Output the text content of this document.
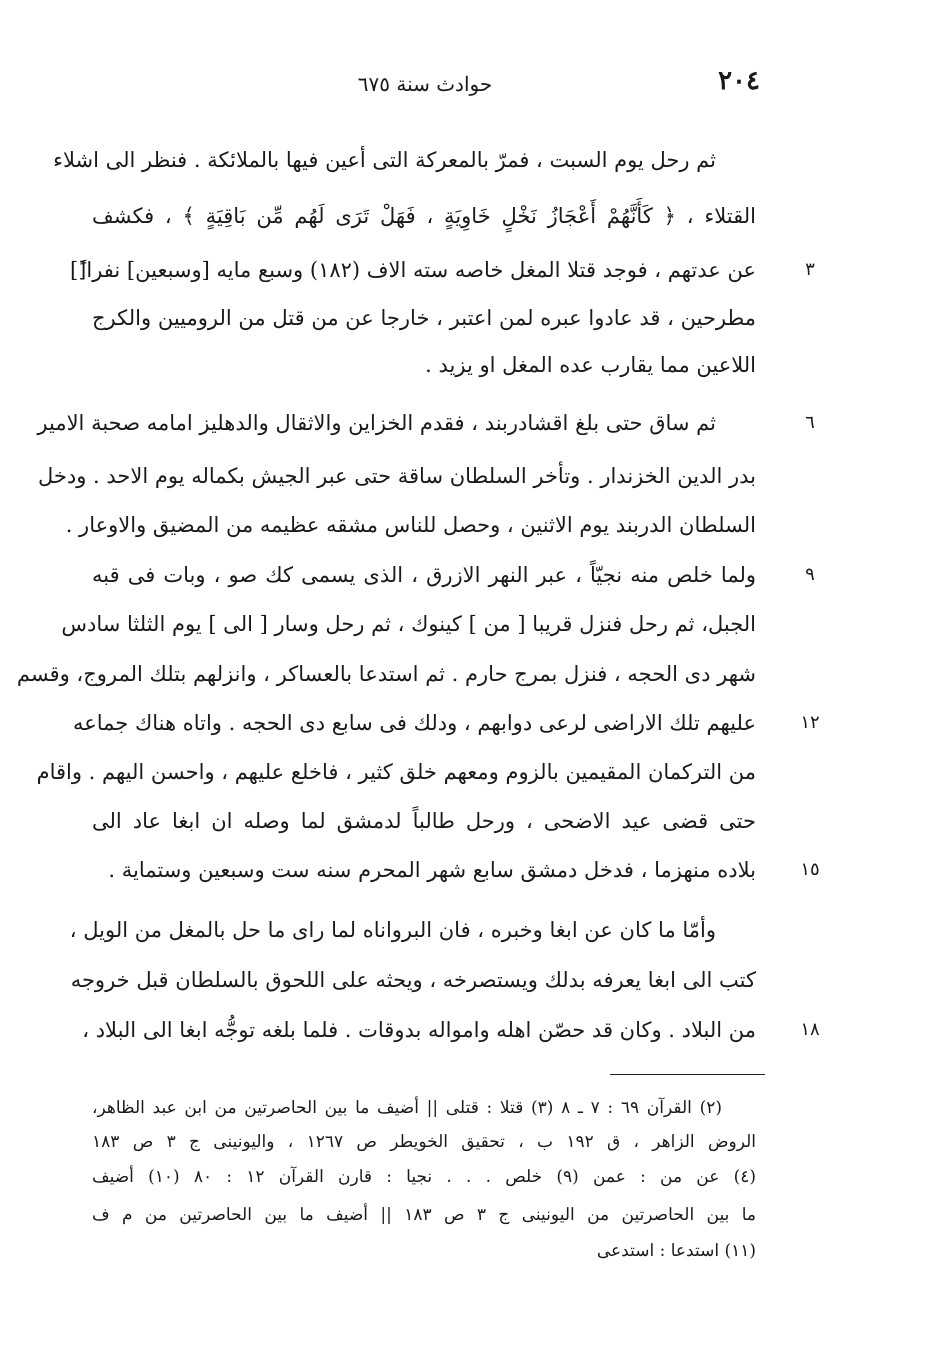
٢٠٤
حوادث سنة ٦٧٥
ثم رحل يوم السبت ، فمرّ بالمعركة التى أعين فيها بالملائكة . فنظر الى اشلاء
القتلاء ، ﴿ كَأَنَّهُمْ أَعْجَازُ نَخْلٍ خَاوِيَةٍ ، فَهَلْ تَرَى لَهُم مِّن بَاقِيَةٍ ﴾ ، فكشف
عن عدتهم ، فوجد قتلا المغل خاصه سته الاف (١٨٢) وسبع مايه [وسبعين] نفرا[ً]
مطرحين ، قد عادوا عبره لمن اعتبر ، خارجا عن من قتل من الروميين والكرج
اللاعين مما يقارب عده المغل او يزيد .
ثم ساق حتى بلغ اقشادربند ، فقدم الخزاين والاثقال والدهليز امامه صحبة الامير
بدر الدين الخزندار . وتأخر السلطان ساقة حتى عبر الجيش بكماله يوم الاحد . ودخل
السلطان الدربند يوم الاثنين ، وحصل للناس مشقه عظيمه من المضيق والاوعار .
ولما خلص منه نجيّاً ، عبر النهر الازرق ، الذى يسمى كك صو ، وبات فى قبه
الجبل، ثم رحل فنزل قريبا [ من ] كينوك ، ثم رحل وسار [ الى ] يوم الثلثا سادس
شهر دى الحجه ، فنزل بمرج حارم . ثم استدعا بالعساكر ، وانزلهم بتلك المروج، وقسم
عليهم تلك الاراضى لرعى دوابهم ، ودلك فى سابع دى الحجه . واتاه هناك جماعه
من التركمان المقيمين بالزوم ومعهم خلق كثير ، فاخلع عليهم ، واحسن اليهم . واقام
حتى قضى عيد الاضحى ، ورحل طالباً لدمشق لما وصله ان ابغا عاد الى
بلاده منهزما ، فدخل دمشق سابع شهر المحرم سنه ست وسبعين وستماية .
وأمّا ما كان عن ابغا وخبره ، فان البرواناه لما راى ما حل بالمغل من الويل ،
كتب الى ابغا يعرفه بدلك ويستصرخه ، ويحثه على اللحوق بالسلطان قبل خروجه
من البلاد . وكان قد حصّن اهله وامواله بدوقات . فلما بلغه توجُّه ابغا الى البلاد ،
٣
٦
٩
١٢
١٥
١٨
(٢) القرآن ٦٩ : ٧ ـ ٨ (٣) قتلا : قتلى || أضيف ما بين الحاصرتين من ابن عبد الظاهر،
الروض الزاهر ، ق ١٩٢ ب ، تحقيق الخويطر ص ١٢٦٧ ، واليونينى ج ٣ ص ١٨٣
(٤) عن من : عمن (٩) خلص . . . نجيا : قارن القرآن ١٢ : ٨٠ (١٠) أضيف
ما بين الحاصرتين من اليونينى ج ٣ ص ١٨٣ || أضيف ما بين الحاصرتين من م ف
(١١) استدعا : استدعى
